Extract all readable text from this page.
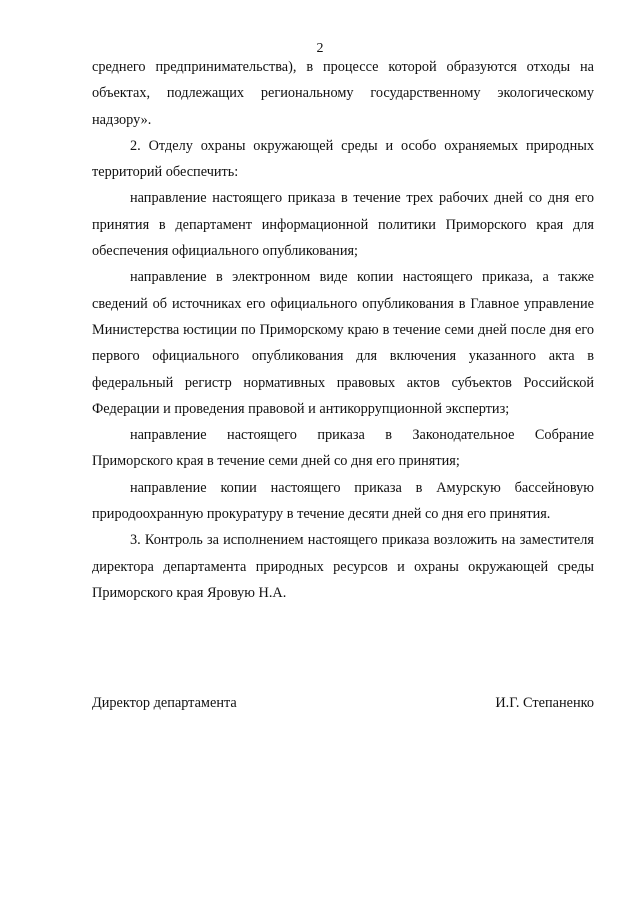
2

среднего предпринимательства), в процессе которой образуются отходы на объектах, подлежащих региональному государственному экологическому надзору».

2. Отделу охраны окружающей среды и особо охраняемых природных территорий обеспечить:

направление настоящего приказа в течение трех рабочих дней со дня его принятия в департамент информационной политики Приморского края для обеспечения официального опубликования;

направление в электронном виде копии настоящего приказа, а также сведений об источниках его официального опубликования в Главное управление Министерства юстиции по Приморскому краю в течение семи дней после дня его первого официального опубликования для включения указанного акта в федеральный регистр нормативных правовых актов субъектов Российской Федерации и проведения правовой и антикоррупционной экспертиз;

направление настоящего приказа в Законодательное Собрание Приморского края в течение семи дней со дня его принятия;

направление копии настоящего приказа в Амурскую бассейновую природоохранную прокуратуру в течение десяти дней со дня его принятия.

3. Контроль за исполнением настоящего приказа возложить на заместителя директора департамента природных ресурсов и охраны окружающей среды Приморского края Яровую Н.А.

Директор департамента	И.Г. Степаненко
